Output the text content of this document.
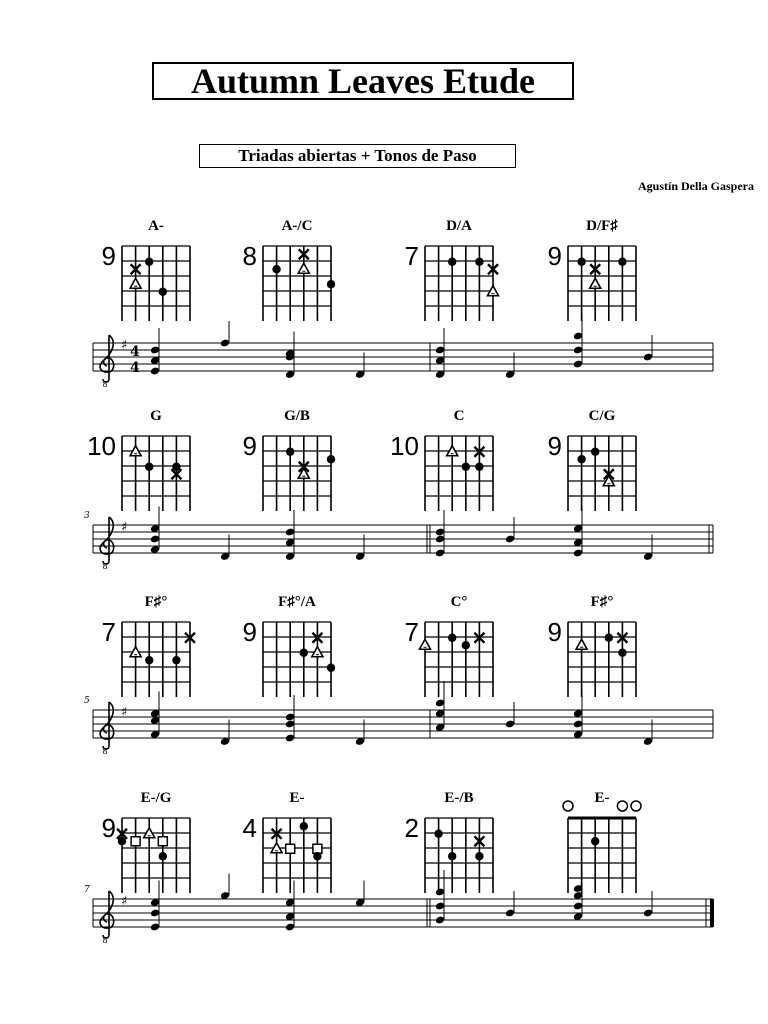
Autumn Leaves Etude
Triadas abiertas + Tonos de Paso
Agustín Della Gaspera
A-
9
A-/C
8
D/A
7
D/F♯
9
8
♯ 4
4
G
10
G/B
9
C
10
C/G
9
8
♯
3
F♯°
7
F♯°/A
9
C°
7
F♯°
9
8
♯
5
E-/G
9
E-
4
E-/B
2
E-
8
♯
7
